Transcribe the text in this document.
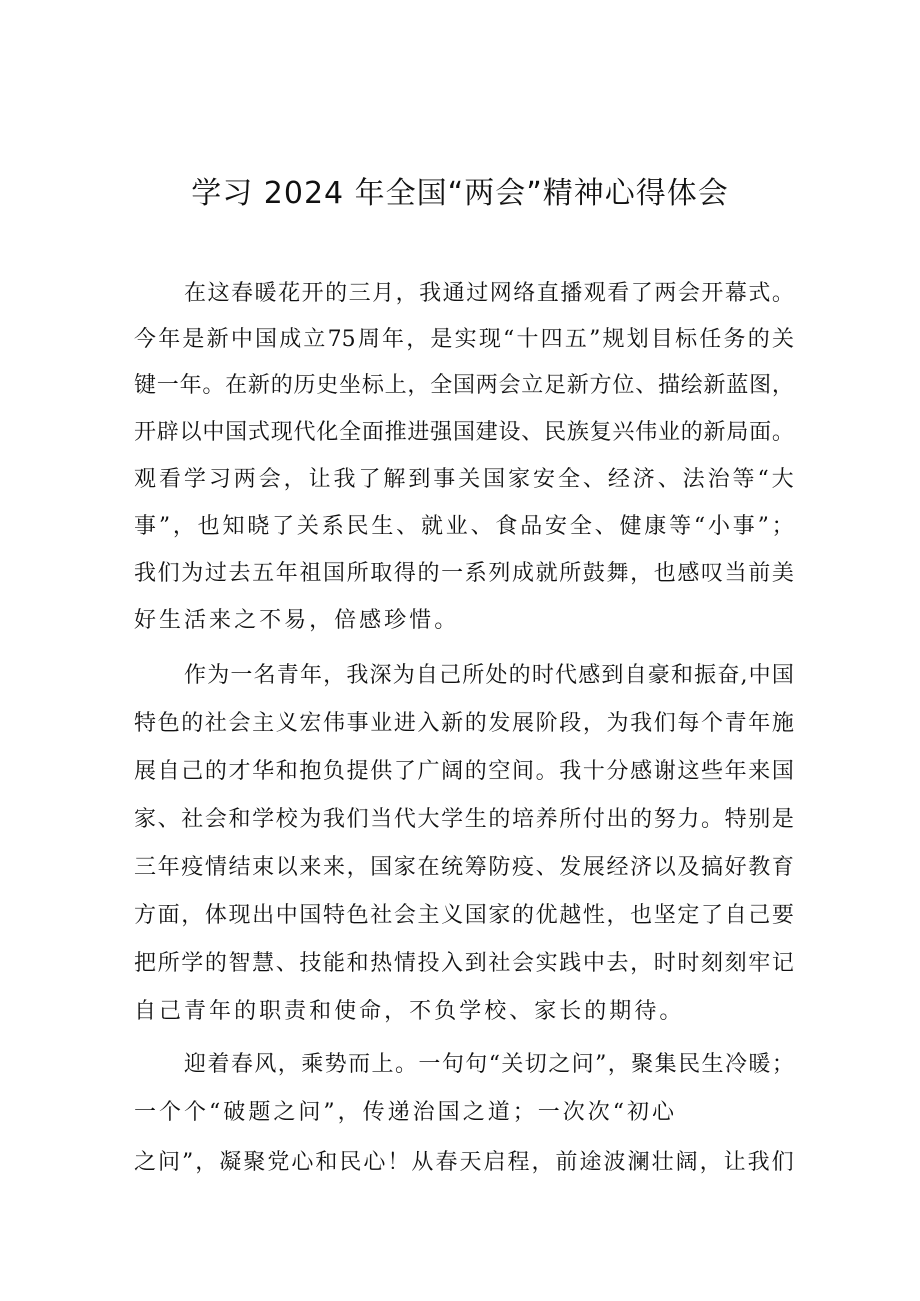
学习 2024 年全国“两会”精神心得体会
在 这 春 暖 花 开 的 三 月 ， 我 通 过 网 络 直 播 观 看 了 两 会 开 幕 式 。
今 年 是 新 中 国 成 立 75 周 年 ， 是 实 现 “ 十 四 五 ” 规 划 目 标 任 务 的 关
键 一 年 。 在 新 的 历 史 坐 标 上 ， 全 国 两 会 立 足 新 方 位 、 描 绘 新 蓝 图 ，
开 辟 以 中 国 式 现 代 化 全 面 推 进 强 国 建 设 、 民 族 复 兴 伟 业 的 新 局 面 。
观 看 学 习 两 会 ， 让 我 了 解 到 事 关 国 家 安 全 、 经 济 、 法 治 等 “ 大
事 ” ， 也 知 晓 了 关 系 民 生 、 就 业 、 食 品 安 全 、 健 康 等 “ 小 事 ” ；
我 们 为 过 去 五 年 祖 国 所 取 得 的 一 系 列 成 就 所 鼓 舞 ， 也 感 叹 当 前 美
好 生 活 来 之 不 易 ， 倍 感 珍 惜 。
作 为 一 名 青 年 ， 我 深 为 自 己 所 处 的 时 代 感 到 自 豪 和 振 奋 , 中 国
特 色 的 社 会 主 义 宏 伟 事 业 进 入 新 的 发 展 阶 段 ， 为 我 们 每 个 青 年 施
展 自 己 的 才 华 和 抱 负 提 供 了 广 阔 的 空 间 。 我 十 分 感 谢 这 些 年 来 国
家 、 社 会 和 学 校 为 我 们 当 代 大 学 生 的 培 养 所 付 出 的 努 力 。 特 别 是
三 年 疫 情 结 束 以 来 来 ， 国 家 在 统 筹 防 疫 、 发 展 经 济 以 及 搞 好 教 育
方 面 ， 体 现 出 中 国 特 色 社 会 主 义 国 家 的 优 越 性 ， 也 坚 定 了 自 己 要
把 所 学 的 智 慧 、 技 能 和 热 情 投 入 到 社 会 实 践 中 去 ， 时 时 刻 刻 牢 记
自 己 青 年 的 职 责 和 使 命 ， 不 负 学 校 、 家 长 的 期 待 。
迎 着 春 风 ， 乘 势 而 上 。 一 句 句 “ 关 切 之 问 ” ， 聚 集 民 生 冷 暖 ；
一 个 个 “ 破 题 之 问 ” ， 传 递 治 国 之 道 ； 一 次 次 “ 初 心
之 问 ” ， 凝 聚 党 心 和 民 心 ！ 从 春 天 启 程 ， 前 途 波 澜 壮 阔 ， 让 我 们
